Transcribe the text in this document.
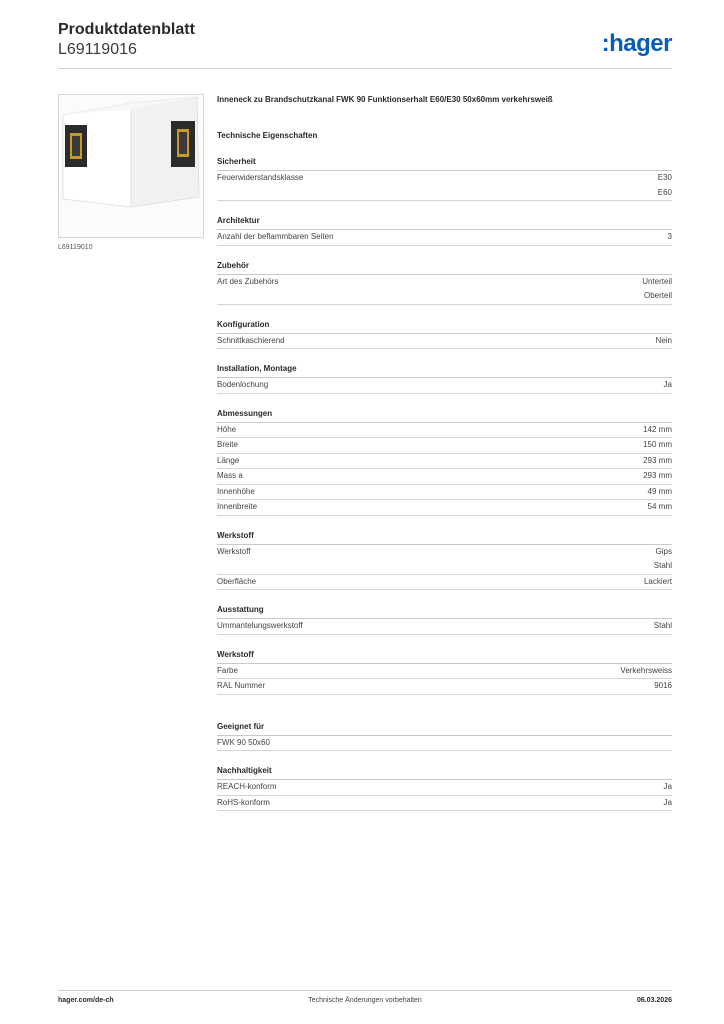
Produktdatenblatt
L69119016	:hager
L69119010
Inneneck zu Brandschutzkanal FWK 90 Funktionserhalt E60/E30 50x60mm verkehrsweiß
Technische Eigenschaften
Sicherheit
Feuerwiderstandsklasse	E30
E60
Architektur
Anzahl der beflammbaren Seiten	3
Zubehör
Art des Zubehörs	Unterteil
Oberteil
Konfiguration
Schnittkaschierend	Nein
Installation, Montage
Bodenlochung	Ja
Abmessungen
Höhe	142 mm
Breite	150 mm
Länge	293 mm
Mass a	293 mm
Innenhöhe	49 mm
Innenbreite	54 mm
Werkstoff
Werkstoff	Gips
Stahl
Oberfläche	Lackiert
Ausstattung
Ummantelungswerkstoff	Stahl
Werkstoff
Farbe	Verkehrsweiss
RAL Nummer	9016
Geeignet für
FWK 90 50x60
Nachhaltigkeit
REACH-konform	Ja
RoHS-konform	Ja
hager.com/de-ch	Technische Änderungen vorbehalten	06.03.2026
